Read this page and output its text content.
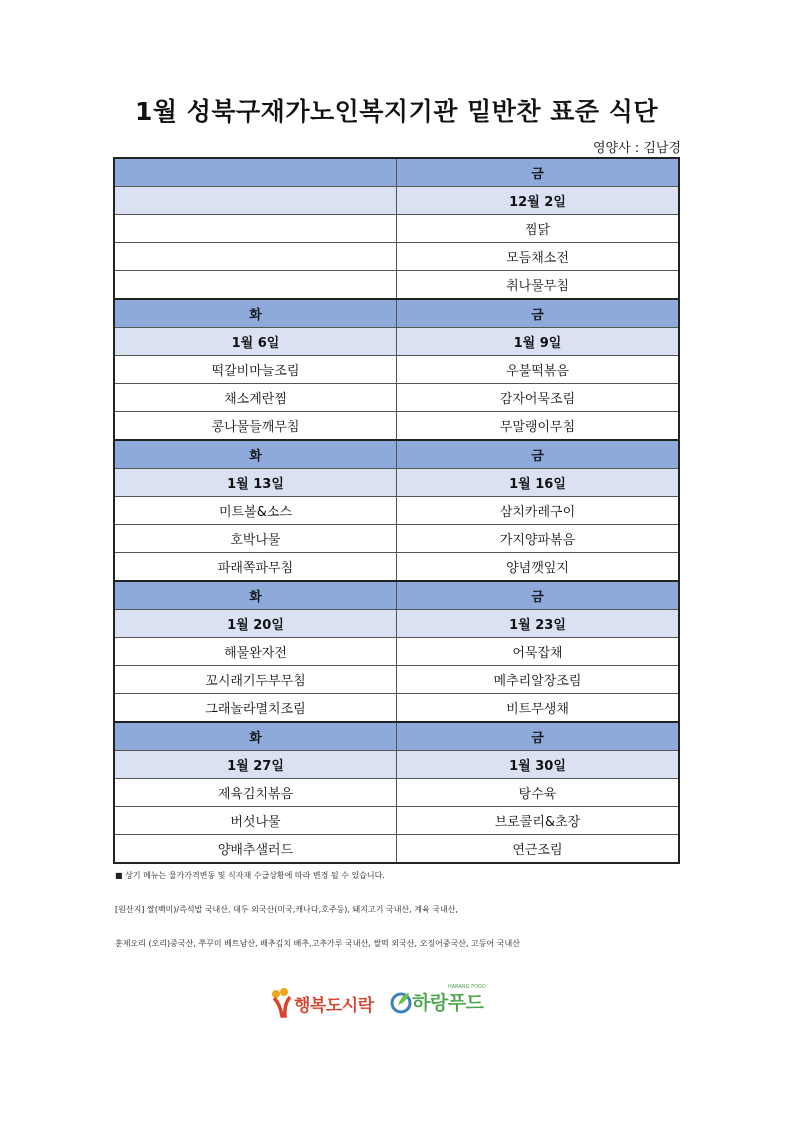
1월 성북구재가노인복지기관 밑반찬 표준 식단
영양사 : 김남경
	금
	12월 2일
	찜닭
	모듬채소전
	취나물무침
화	금
1월 6일	1월 9일
떡갈비마늘조림	우불떡볶음
채소계란찜	감자어묵조림
콩나물들깨무침	무말랭이무침
화	금
1월 13일	1월 16일
미트볼&소스	삼치카레구이
호박나물	가지양파볶음
파래쪽파무침	양념깻잎지
화	금
1월 20일	1월 23일
해물완자전	어묵잡채
꼬시래기두부무침	메추리알장조림
그래놀라멸치조림	비트무생채
화	금
1월 27일	1월 30일
제육김치볶음	탕수육
버섯나물	브로콜리&초장
양배추샐러드	연근조림

■ 상기 메뉴는 물가가격변동 및 식자재 수급상황에 따라 변경 될 수 있습니다.

[원산지] 쌀(백미)/즉석밥 국내산, 대두 외국산(미국,캐나다,호주등), 돼지고기 국내산, 계육 국내산,

훈제오리 (오리)중국산, 쭈꾸미 베트남산, 배추김치 배추,고추가루 국내산, 쌀떡 외국산, 오징어중국산, 고등어 국내산

행복도시락 하랑푸드
HARANG FOOD
